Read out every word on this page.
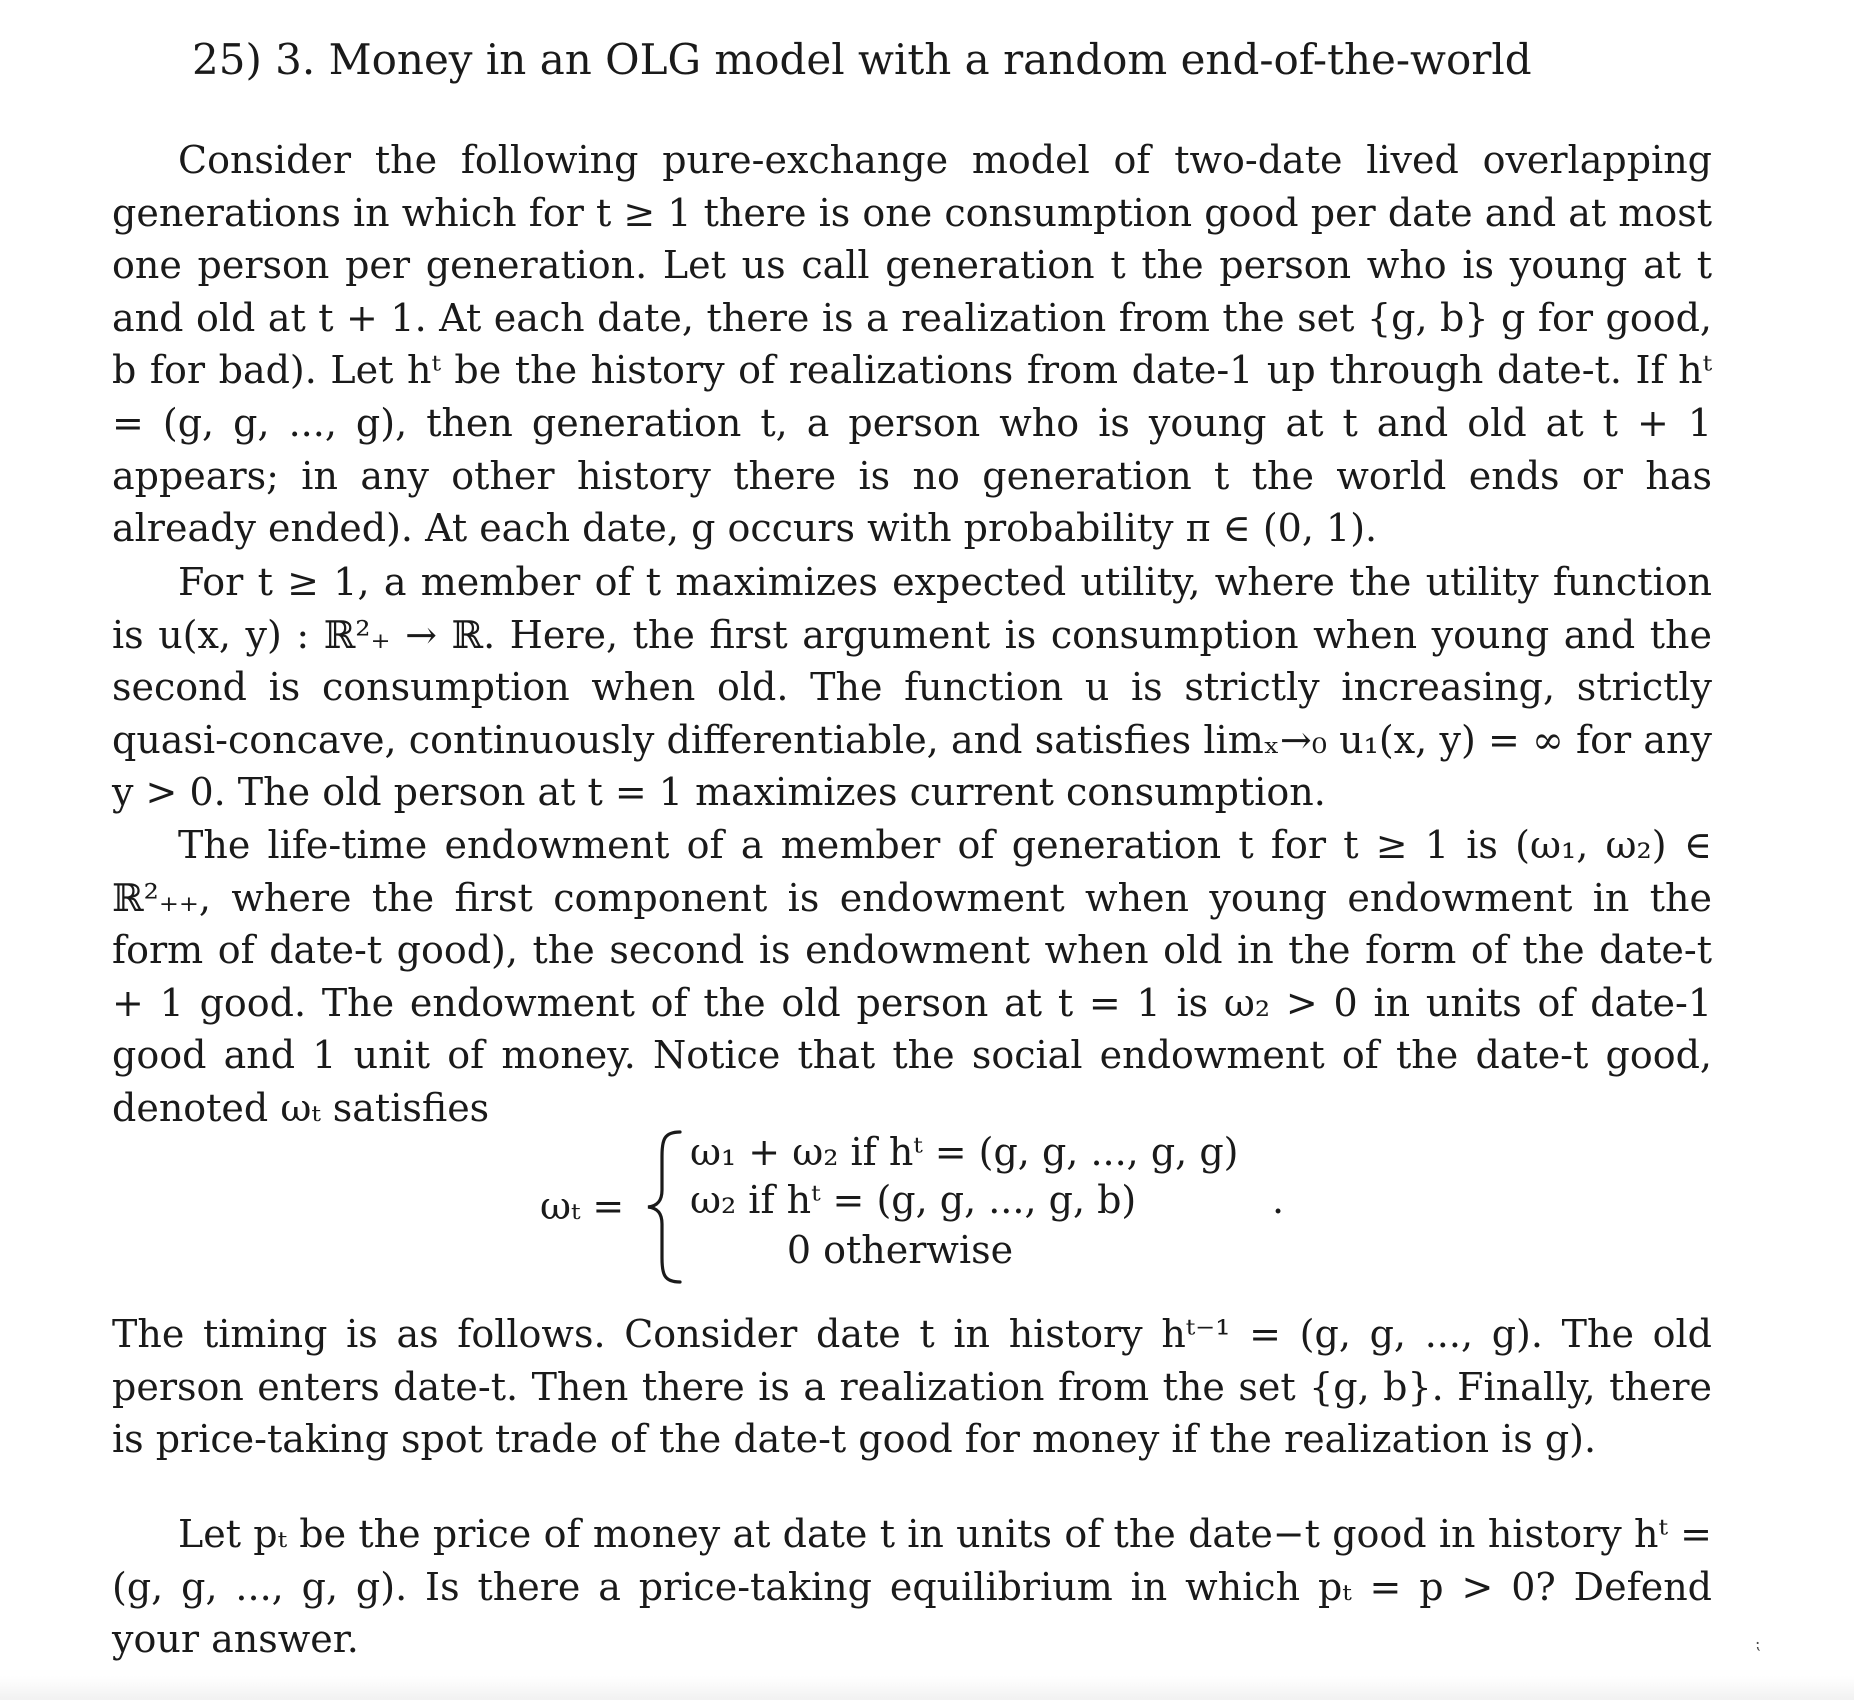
25) 3. Money in an OLG model with a random end-of-the-world
Consider the following pure-exchange model of two-date lived overlapping generations in which for t ≥ 1 there is one consumption good per date and at most one person per generation. Let us call generation t the person who is young at t and old at t + 1. At each date, there is a realization from the set {g, b} g for good, b for bad). Let hᵗ be the history of realizations from date-1 up through date-t. If hᵗ = (g, g, ..., g), then generation t, a person who is young at t and old at t + 1 appears; in any other history there is no generation t the world ends or has already ended). At each date, g occurs with probability π ∈ (0, 1).
For t ≥ 1, a member of t maximizes expected utility, where the utility function is u(x, y) : ℝ²₊ → ℝ. Here, the first argument is consumption when young and the second is consumption when old. The function u is strictly increasing, strictly quasi-concave, continuously differentiable, and satisfies limₓ→₀ u₁(x, y) = ∞ for any y > 0. The old person at t = 1 maximizes current consumption.
The life-time endowment of a member of generation t for t ≥ 1 is (ω₁, ω₂) ∈ ℝ²₊₊, where the first component is endowment when young endowment in the form of date-t good), the second is endowment when old in the form of the date-t + 1 good. The endowment of the old person at t = 1 is ω₂ > 0 in units of date-1 good and 1 unit of money. Notice that the social endowment of the date-t good, denoted ωₜ satisfies
ωₜ =
ω₁ + ω₂ if hᵗ = (g, g, ..., g, g)
ω₂ if hᵗ = (g, g, ..., g, b)
0 otherwise
.
The timing is as follows. Consider date t in history hᵗ⁻¹ = (g, g, ..., g). The old person enters date-t. Then there is a realization from the set {g, b}. Finally, there is price-taking spot trade of the date-t good for money if the realization is g).
Let pₜ be the price of money at date t in units of the date−t good in history hᵗ = (g, g, ..., g, g). Is there a price-taking equilibrium in which pₜ = p > 0? Defend your answer.	⁏
